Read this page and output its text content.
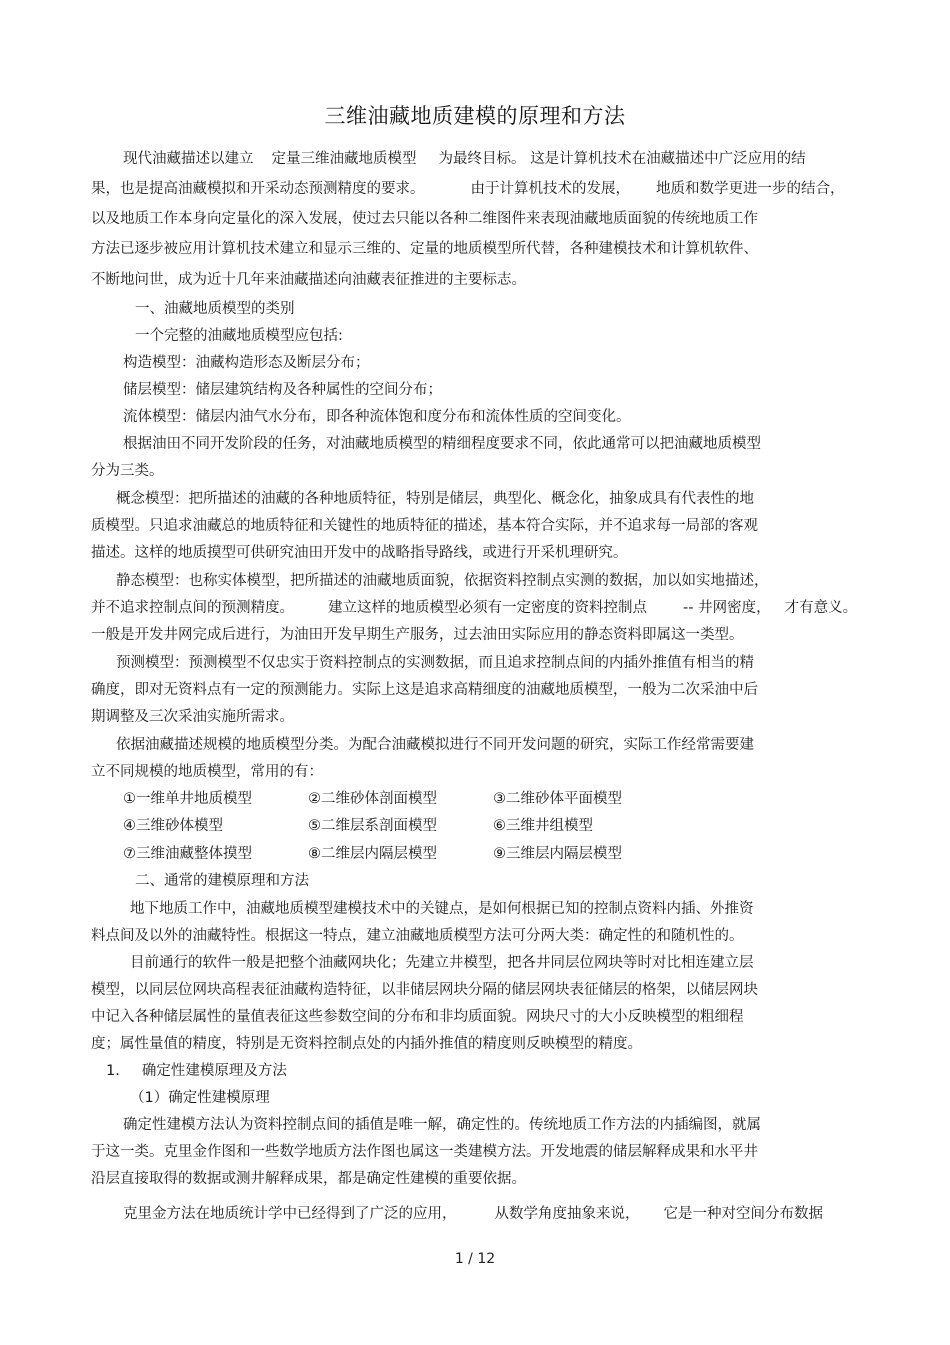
三维油藏地质建模的原理和方法
现代油藏描述以建立 定量三维油藏地质模型 为最终目标。 这是计算机技术在油藏描述中广泛应用的结
果，也是提高油藏模拟和开采动态预测精度的要求。	由于计算机技术的发展， 地质和数学更进一步的结合，
以及地质工作本身向定量化的深入发展，使过去只能以各种二维图件来表现油藏地质面貌的传统地质工作
方法已逐步被应用计算机技术建立和显示三维的、定量的地质模型所代替，各种建模技术和计算机软件、
不断地问世，成为近十几年来油藏描述向油藏表征推进的主要标志。
一、油藏地质模型的类别
一个完整的油藏地质模型应包括:
构造模型：油藏构造形态及断层分布；
储层模型：储层建筑结构及各种属性的空间分布；
流体模型：储层内油气水分布，即各种流体饱和度分布和流体性质的空间变化。
根据油田不同开发阶段的任务，对油藏地质模型的精细程度要求不同，依此通常可以把油藏地质模型
分为三类。
概念模型：把所描述的油藏的各种地质特征，特别是储层，典型化、概念化，抽象成具有代表性的地
质模型。只追求油藏总的地质特征和关键性的地质特征的描述，基本符合实际，并不追求每一局部的客观
描述。这样的地质摸型可供研究油田开发中的战略指导路线，或进行开采机理研究。
静态模型：也称实体模型，把所描述的油藏地质面貌，依据资料控制点实测的数据，加以如实地描述，
并不追求控制点间的预测精度。 建立这样的地质模型必须有一定密度的资料控制点 -- 井网密度， 才有意义。
一般是开发井网完成后进行，为油田开发早期生产服务，过去油田实际应用的静态资料即属这一类型。
预测模型：预测模型不仅忠实于资料控制点的实测数据，而且追求控制点间的内插外推值有相当的精
确度，即对无资料点有一定的预测能力。实际上这是追求高精细度的油藏地质模型，一般为二次采油中后
期调整及三次采油实施所需求。
依据油藏描述规模的地质模型分类。为配合油藏模拟进行不同开发问题的研究，实际工作经常需要建
立不同规模的地质模型，常用的有：
①一维单井地质模型	②二维砂体剖面模型	③二维砂体平面模型
④三维砂体模型	⑤二维层系剖面模型	⑥三维井组模型
⑦三维油藏整体摸型	⑧二维层内隔层模型	⑨三维层内隔层模型
二、通常的建模原理和方法
地下地质工作中，油藏地质模型建模技术中的关键点，是如何根据已知的控制点资料内插、外推资
料点间及以外的油藏特性。根据这一特点，建立油藏地质模型方法可分两大类：确定性的和随机性的。
目前通行的软件一般是把整个油藏网块化；先建立井模型，把各井同层位网块等时对比相连建立层
模型，以同层位网块高程表征油藏构造特征，以非储层网块分隔的储层网块表征储层的格架，以储层网块
中记入各种储层属性的量值表征这些参数空间的分布和非均质面貌。网块尺寸的大小反映模型的粗细程
度；属性量值的精度，特别是无资料控制点处的内插外推值的精度则反映模型的精度。
1. 确定性建模原理及方法
（1）确定性建模原理
确定性建模方法认为资料控制点间的插值是唯一解，确定性的。传统地质工作方法的内插编图，就属
于这一类。克里金作图和一些数学地质方法作图也属这一类建模方法。开发地震的储层解释成果和水平井
沿层直接取得的数据或测井解释成果，都是确定性建模的重要依据。
克里金方法在地质统计学中已经得到了广泛的应用，	从数学角度抽象来说， 它是一种对空间分布数据
1 / 12
